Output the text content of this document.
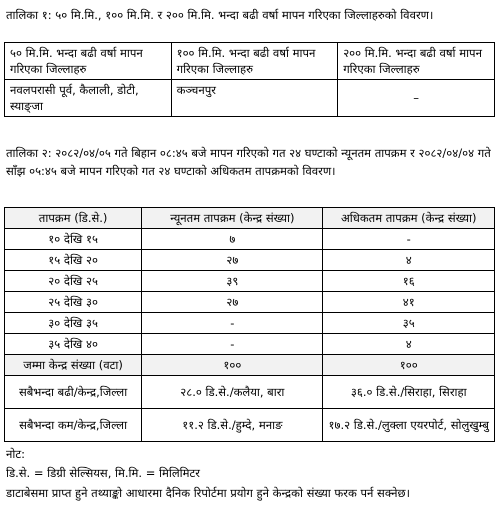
तालिका १: ५० मि.मि., १०० मि.मि. र २०० मि.मि. भन्दा बढी वर्षा मापन गरिएका जिल्लाहरुको विवरण।
५० मि.मि. भन्दा बढी वर्षा मापन गरिएका जिल्लाहरु	१०० मि.मि. भन्दा बढी वर्षा मापन गरिएका जिल्लाहरु	२०० मि.मि. भन्दा बढी वर्षा मापन गरिएका जिल्लाहरु
नवलपरासी पूर्व, कैलाली, डोटी, स्याङ्जा	कञ्चनपुर	–
तालिका २: २०८२/०४/०५ गते बिहान ०८:४५ बजे मापन गरिएको गत २४ घण्टाको न्यूनतम तापक्रम र २०८२/०४/०४ गते साँझ ०५:४५ बजे मापन गरिएको गत २४ घण्टाको अधिकतम तापक्रमको विवरण।
तापक्रम (डि.से.)	न्यूनतम तापक्रम (केन्द्र संख्या)	अधिकतम तापक्रम (केन्द्र संख्या)
१० देखि १५	७	-
१५ देखि २०	२७	४
२० देखि २५	३९	१६
२५ देखि ३०	२७	४१
३० देखि ३५	-	३५
३५ देखि ४०	-	४
जम्मा केन्द्र संख्या (वटा)	१००	१००
सबैभन्दा बढी/केन्द्र,जिल्ला	२८.० डि.से./कलैया, बारा	३६.० डि.से./सिराहा, सिराहा
सबैभन्दा कम/केन्द्र,जिल्ला	११.२ डि.से./हुम्दे, मनाङ	१७.२ डि.से./लुक्ला एयरपोर्ट, सोलुखुम्बु
नोट:
डि.से. = डिग्री सेल्सियस, मि.मि. = मिलिमिटर
डाटाबेसमा प्राप्त हुने तथ्याङ्को आधारमा दैनिक रिपोर्टमा प्रयोग हुने केन्द्रको संख्या फरक पर्न सक्नेछ।
